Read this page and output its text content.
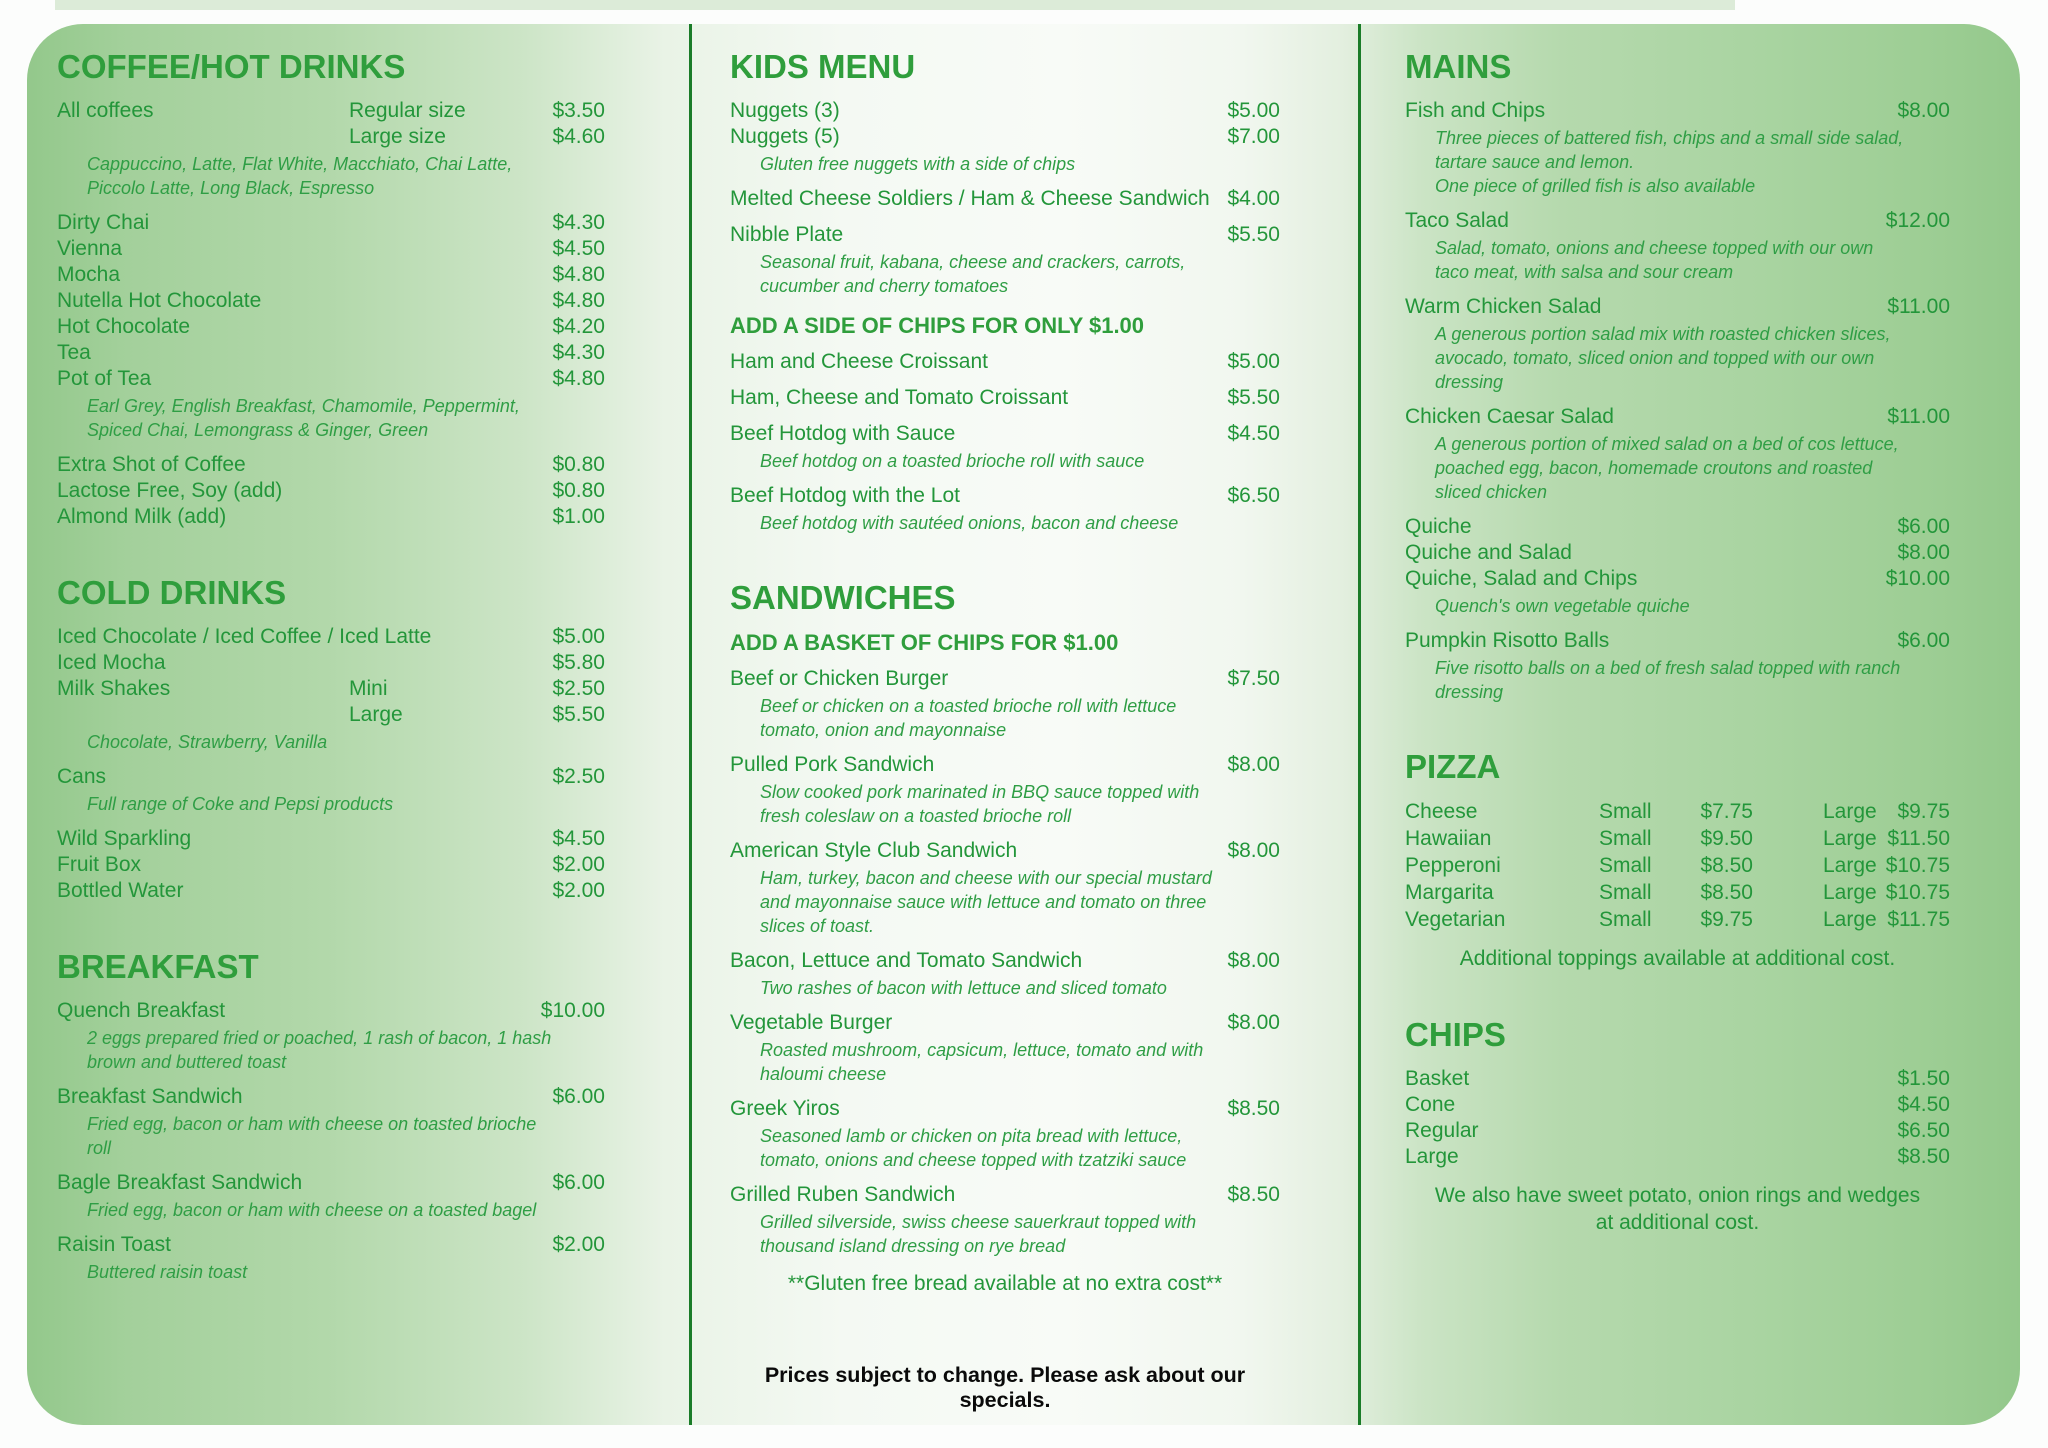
COFFEE/HOT DRINKS
All coffees	Regular size	$3.50
Large size	$4.60
Cappuccino, Latte, Flat White, Macchiato, Chai Latte, Piccolo Latte, Long Black, Espresso
Dirty Chai	$4.30
Vienna	$4.50
Mocha	$4.80
Nutella Hot Chocolate	$4.80
Hot Chocolate	$4.20
Tea	$4.30
Pot of Tea	$4.80
Earl Grey, English Breakfast, Chamomile, Peppermint, Spiced Chai, Lemongrass & Ginger, Green
Extra Shot of Coffee	$0.80
Lactose Free, Soy (add)	$0.80
Almond Milk (add)	$1.00
COLD DRINKS
Iced Chocolate / Iced Coffee / Iced Latte	$5.00
Iced Mocha	$5.80
Milk Shakes	Mini	$2.50
Large	$5.50
Chocolate, Strawberry, Vanilla
Cans	$2.50
Full range of Coke and Pepsi products
Wild Sparkling	$4.50
Fruit Box	$2.00
Bottled Water	$2.00
BREAKFAST
Quench Breakfast	$10.00
2 eggs prepared fried or poached, 1 rash of bacon, 1 hash brown and buttered toast
Breakfast Sandwich	$6.00
Fried egg, bacon or ham with cheese on toasted brioche roll
Bagle Breakfast Sandwich	$6.00
Fried egg, bacon or ham with cheese on a toasted bagel
Raisin Toast	$2.00
Buttered raisin toast
KIDS MENU
Nuggets (3)	$5.00
Nuggets (5)	$7.00
Gluten free nuggets with a side of chips
Melted Cheese Soldiers / Ham & Cheese Sandwich $4.00
Nibble Plate	$5.50
Seasonal fruit, kabana, cheese and crackers, carrots, cucumber and cherry tomatoes
ADD A SIDE OF CHIPS FOR ONLY $1.00
Ham and Cheese Croissant	$5.00
Ham, Cheese and Tomato Croissant	$5.50
Beef Hotdog with Sauce	$4.50
Beef hotdog on a toasted brioche roll with sauce
Beef Hotdog with the Lot	$6.50
Beef hotdog with sautéed onions, bacon and cheese
SANDWICHES
ADD A BASKET OF CHIPS FOR $1.00
Beef or Chicken Burger	$7.50
Beef or chicken on a toasted brioche roll with lettuce tomato, onion and mayonnaise
Pulled Pork Sandwich	$8.00
Slow cooked pork marinated in BBQ sauce topped with fresh coleslaw on a toasted brioche roll
American Style Club Sandwich	$8.00
Ham, turkey, bacon and cheese with our special mustard and mayonnaise sauce with lettuce and tomato on three slices of toast.
Bacon, Lettuce and Tomato Sandwich	$8.00
Two rashes of bacon with lettuce and sliced tomato
Vegetable Burger	$8.00
Roasted mushroom, capsicum, lettuce, tomato and with haloumi cheese
Greek Yiros	$8.50
Seasoned lamb or chicken on pita bread with lettuce, tomato, onions and cheese topped with tzatziki sauce
Grilled Ruben Sandwich	$8.50
Grilled silverside, swiss cheese sauerkraut topped with thousand island dressing on rye bread
**Gluten free bread available at no extra cost**
MAINS
Fish and Chips	$8.00
Three pieces of battered fish, chips and a small side salad, tartare sauce and lemon.
One piece of grilled fish is also available
Taco Salad	$12.00
Salad, tomato, onions and cheese topped with our own taco meat, with salsa and sour cream
Warm Chicken Salad	$11.00
A generous portion salad mix with roasted chicken slices, avocado, tomato, sliced onion and topped with our own dressing
Chicken Caesar Salad	$11.00
A generous portion of mixed salad on a bed of cos lettuce, poached egg, bacon, homemade croutons and roasted sliced chicken
Quiche	$6.00
Quiche and Salad	$8.00
Quiche, Salad and Chips	$10.00
Quench's own vegetable quiche
Pumpkin Risotto Balls	$6.00
Five risotto balls on a bed of fresh salad topped with ranch dressing
PIZZA
Cheese	Small	$7.75	Large $9.75
Hawaiian	Small	$9.50	Large $11.50
Pepperoni	Small	$8.50	Large $10.75
Margarita	Small	$8.50	Large $10.75
Vegetarian	Small	$9.75	Large $11.75
Additional toppings available at additional cost.
CHIPS
Basket	$1.50
Cone	$4.50
Regular	$6.50
Large	$8.50
We also have sweet potato, onion rings and wedges at additional cost.
Prices subject to change. Please ask about our specials.
